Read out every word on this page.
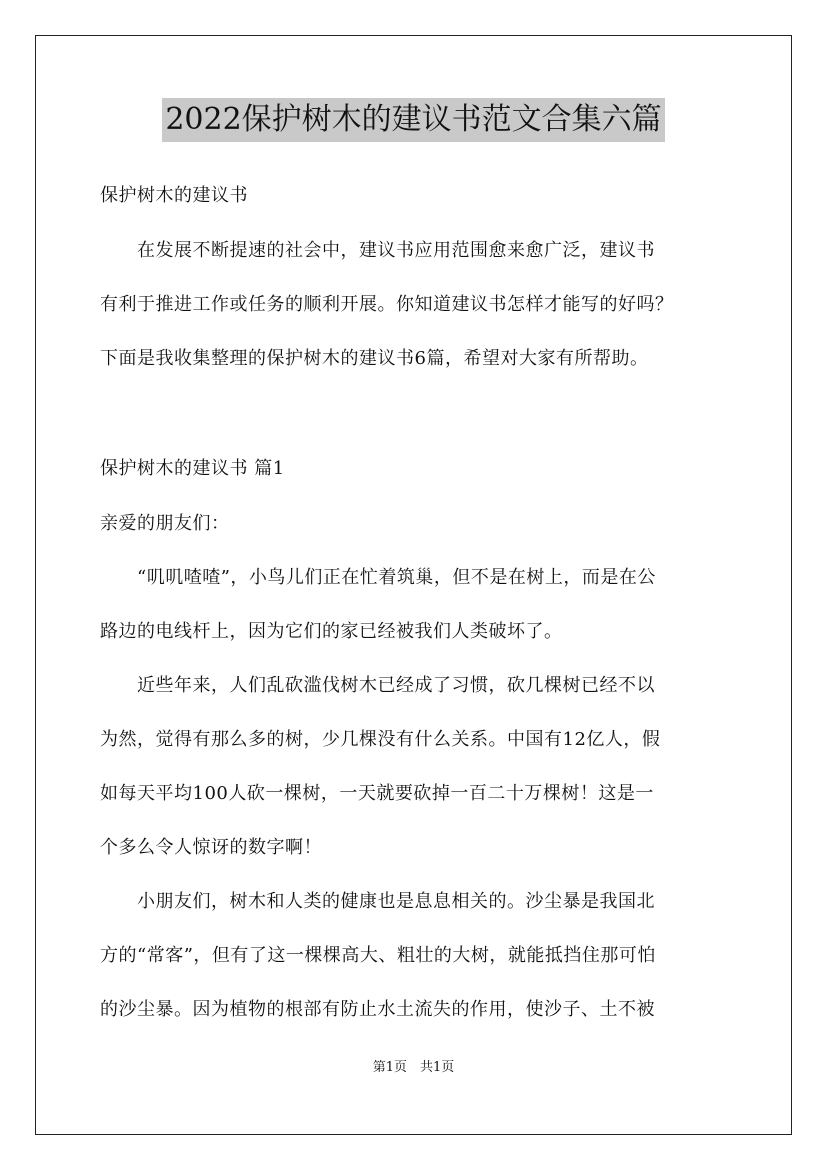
2022保护树木的建议书范文合集六篇

保护树木的建议书

　　在发展不断提速的社会中，建议书应用范围愈来愈广泛，建议书

有利于推进工作或任务的顺利开展。你知道建议书怎样才能写的好吗？

下面是我收集整理的保护树木的建议书6篇，希望对大家有所帮助。

保护树木的建议书 篇1

亲爱的朋友们：

　　“叽叽喳喳”，小鸟儿们正在忙着筑巢，但不是在树上，而是在公

路边的电线杆上，因为它们的家已经被我们人类破坏了。

　　近些年来，人们乱砍滥伐树木已经成了习惯，砍几棵树已经不以

为然，觉得有那么多的树，少几棵没有什么关系。中国有12亿人，假

如每天平均100人砍一棵树，一天就要砍掉一百二十万棵树！这是一

个多么令人惊讶的数字啊！

　　小朋友们，树木和人类的健康也是息息相关的。沙尘暴是我国北

方的“常客”，但有了这一棵棵高大、粗壮的大树，就能抵挡住那可怕

的沙尘暴。因为植物的根部有防止水土流失的作用，使沙子、土不被

第1页　共1页
